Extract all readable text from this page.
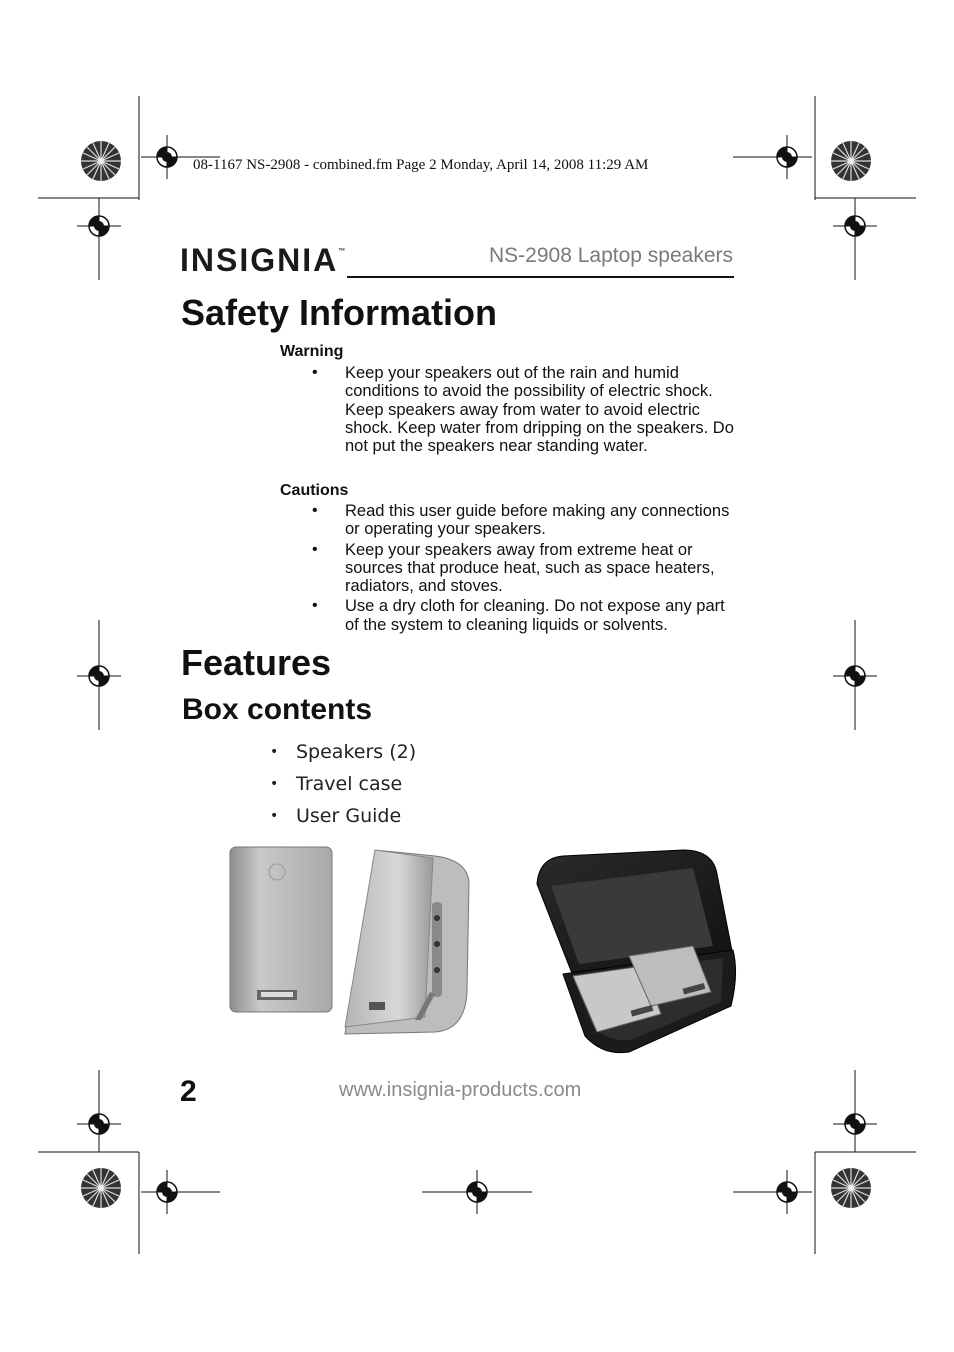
08-1167 NS-2908 - combined.fm Page 2 Monday, April 14, 2008 11:29 AM
INSIGNIA™	NS-2908 Laptop speakers
Safety Information
Warning
• Keep your speakers out of the rain and humid conditions to avoid the possibility of electric shock. Keep speakers away from water to avoid electric shock. Keep water from dripping on the speakers. Do not put the speakers near standing water.
Cautions
• Read this user guide before making any connections or operating your speakers.
• Keep your speakers away from extreme heat or sources that produce heat, such as space heaters, radiators, and stoves.
• Use a dry cloth for cleaning. Do not expose any part of the system to cleaning liquids or solvents.
Features
Box contents
• Speakers (2)
• Travel case
• User Guide
2	www.insignia-products.com
